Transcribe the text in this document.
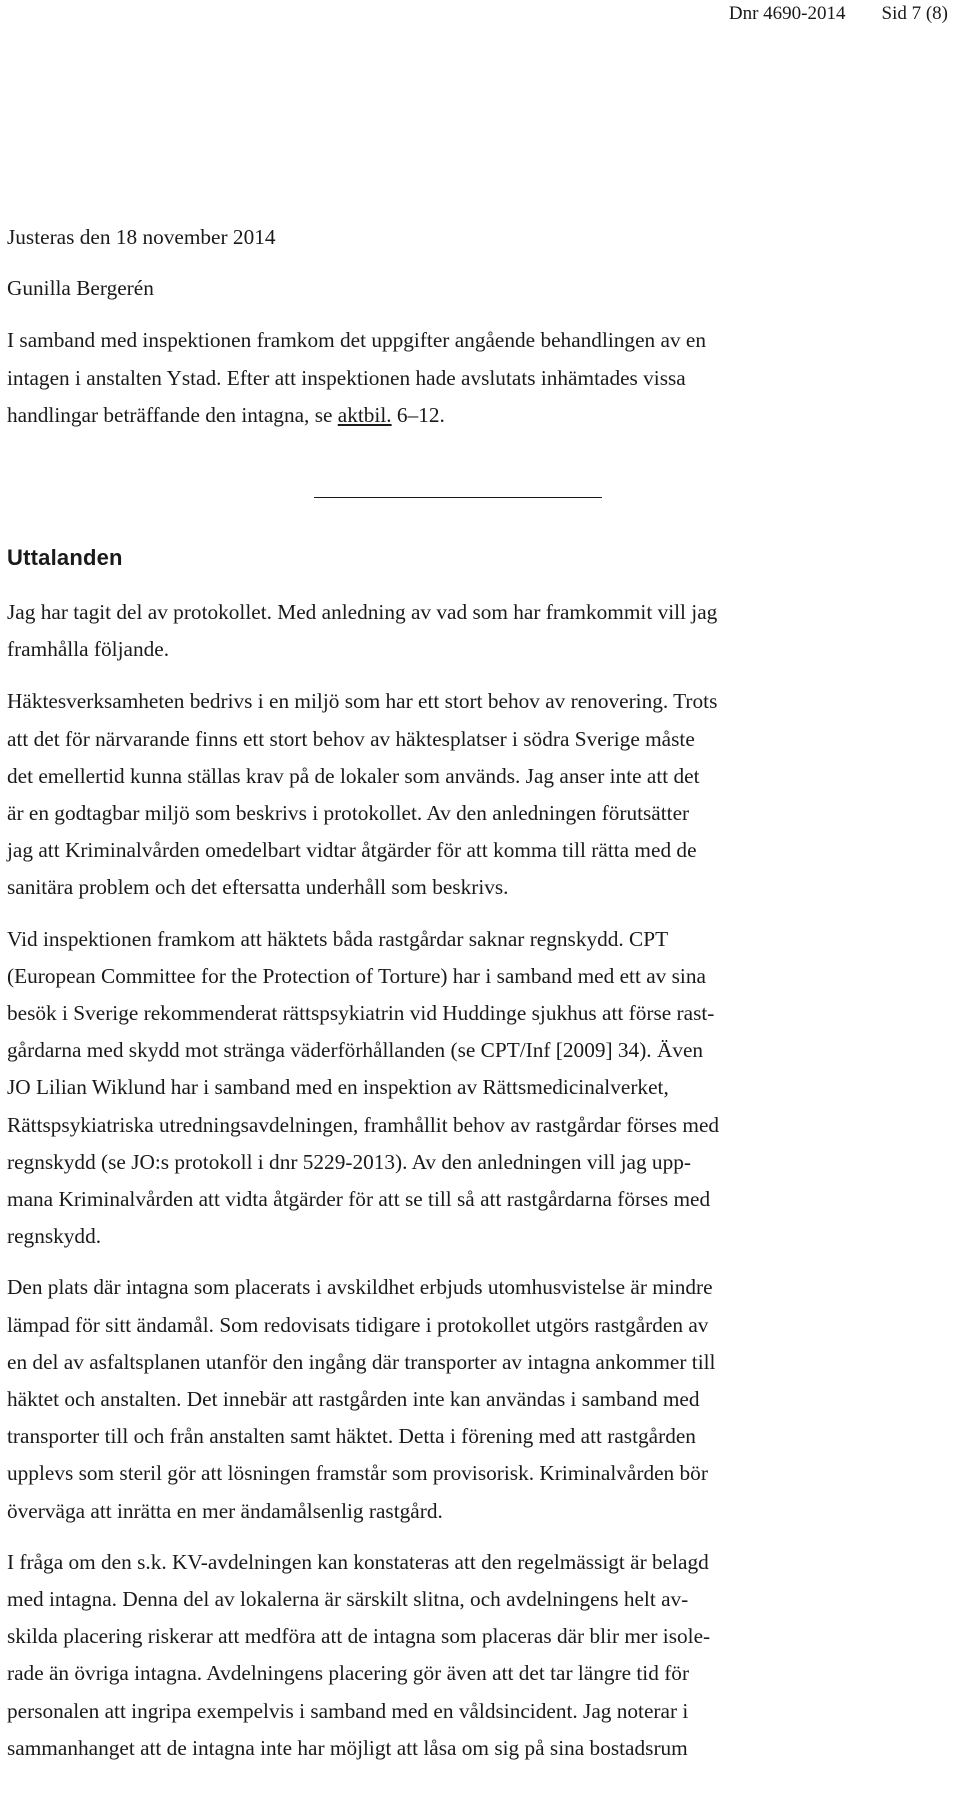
Dnr 4690-2014 Sid 7 (8)

Justeras den 18 november 2014

Gunilla Bergerén

I samband med inspektionen framkom det uppgifter angående behandlingen av en

intagen i anstalten Ystad. Efter att inspektionen hade avslutats inhämtades vissa

handlingar beträffande den intagna, se aktbil. 6–12.

Uttalanden

Jag har tagit del av protokollet. Med anledning av vad som har framkommit vill jag

framhålla följande.

Häktesverksamheten bedrivs i en miljö som har ett stort behov av renovering. Trots

att det för närvarande finns ett stort behov av häktesplatser i södra Sverige måste

det emellertid kunna ställas krav på de lokaler som används. Jag anser inte att det

är en godtagbar miljö som beskrivs i protokollet. Av den anledningen förutsätter

jag att Kriminalvården omedelbart vidtar åtgärder för att komma till rätta med de

sanitära problem och det eftersatta underhåll som beskrivs.

Vid inspektionen framkom att häktets båda rastgårdar saknar regnskydd. CPT

(European Committee for the Protection of Torture) har i samband med ett av sina

besök i Sverige rekommenderat rättspsykiatrin vid Huddinge sjukhus att förse rast-

gårdarna med skydd mot stränga väderförhållanden (se CPT/Inf [2009] 34). Även

JO Lilian Wiklund har i samband med en inspektion av Rättsmedicinalverket,

Rättspsykiatriska utredningsavdelningen, framhållit behov av rastgårdar förses med

regnskydd (se JO:s protokoll i dnr 5229-2013). Av den anledningen vill jag upp-

mana Kriminalvården att vidta åtgärder för att se till så att rastgårdarna förses med

regnskydd.

Den plats där intagna som placerats i avskildhet erbjuds utomhusvistelse är mindre

lämpad för sitt ändamål. Som redovisats tidigare i protokollet utgörs rastgården av

en del av asfaltsplanen utanför den ingång där transporter av intagna ankommer till

häktet och anstalten. Det innebär att rastgården inte kan användas i samband med

transporter till och från anstalten samt häktet. Detta i förening med att rastgården

upplevs som steril gör att lösningen framstår som provisorisk. Kriminalvården bör

överväga att inrätta en mer ändamålsenlig rastgård.

I fråga om den s.k. KV-avdelningen kan konstateras att den regelmässigt är belagd

med intagna. Denna del av lokalerna är särskilt slitna, och avdelningens helt av-

skilda placering riskerar att medföra att de intagna som placeras där blir mer isole-

rade än övriga intagna. Avdelningens placering gör även att det tar längre tid för

personalen att ingripa exempelvis i samband med en våldsincident. Jag noterar i

sammanhanget att de intagna inte har möjligt att låsa om sig på sina bostadsrum
